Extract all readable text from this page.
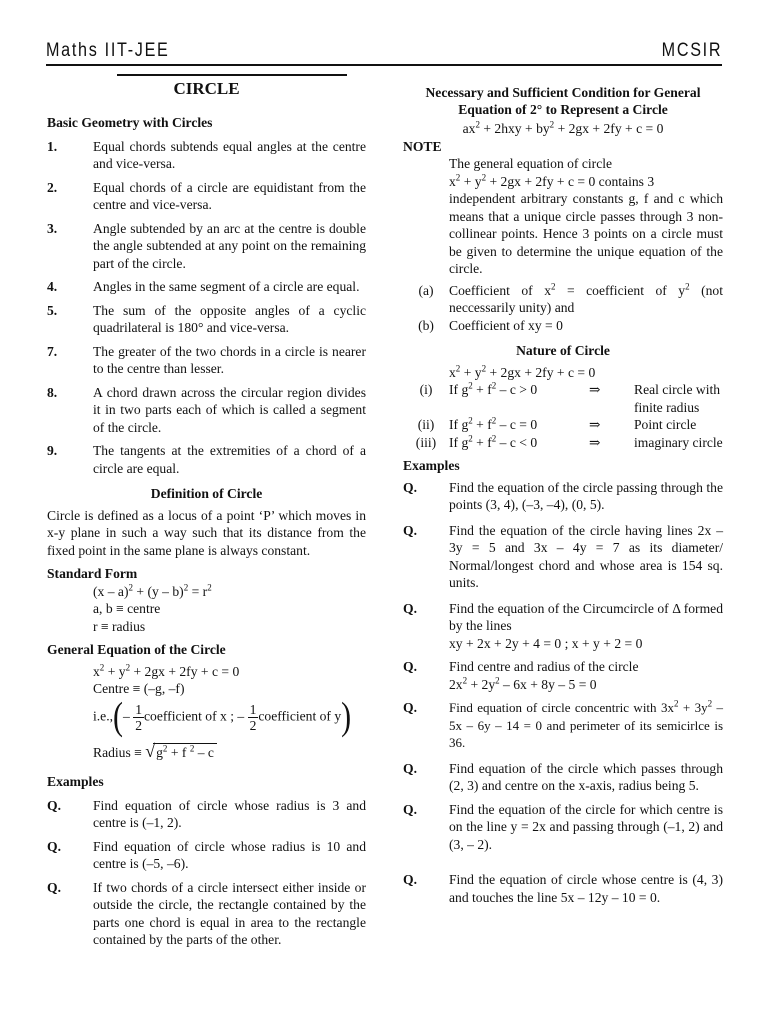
Maths IIT-JEE	MCSIR
CIRCLE
Basic Geometry with Circles
1.	Equal chords subtends equal angles at the centre and vice-versa.
2.	Equal chords of a circle are equidistant from the centre and vice-versa.
3.	Angle subtended by an arc at the centre is double the angle subtended at any point on the remaining part of the circle.
4.	Angles in the same segment of a circle are equal.
5.	The sum of the opposite angles of a cyclic quadrilateral is 180° and vice-versa.
7.	The greater of the two chords in a circle is nearer to the centre than lesser.
8.	A chord drawn across the circular region divides it in two parts each of which is called a segment of the circle.
9.	The tangents at the extremities of a chord of a circle are equal.
Definition of Circle
Circle is defined as a locus of a point ‘P’ which moves in x-y plane in such a way such that its distance from the fixed point in the same plane is always constant.
Standard Form
$(x - a)^2 + (y - b)^2 = r^2$
a, b ≡ centre
r ≡ radius
General Equation of the Circle
$x^2 + y^2 + 2gx + 2fy + c = 0$
Centre ≡ (–g, –f)
$i.e.,(- \frac{1}{2}$ coefficient of x ; – $\frac{1}{2}$ coefficient of y)
Radius ≡ $√g^2 + f$ $^2$ – c
Examples
Q.	Find equation of circle whose radius is 3 and centre is (–1, 2).
Q.	Find equation of circle whose radius is 10 and centre is (–5, –6).
Q.	If two chords of a circle intersect either inside or outside the circle, the rectangle contained by the parts one chord is equal in area to the rectangle contained by the parts of the other.
Necessary and Sufficient Condition for General
Equation of 2° to Represent a Circle
$ax^2 + 2hxy + by^2 + 2gx + 2fy + c = 0$
NOTE
The general equation of circle
$x^2 + y^2 + 2gx + 2fy + c = 0$ contains 3
independent arbitrary constants g, f and c which means that a unique circle passes through 3 non-collinear points. Hence 3 points on a circle must be given to determine the unique equation of the circle.
(a)	Coefficient of $x^2$ = coefficient of $y^2$ (not neccessarily unity) and
(b)	Coefficient of xy = 0
Nature of Circle
$x^2 + y^2 + 2gx + 2fy + c = 0$
(i)	If $g^2 + f^2 - c > 0$	⇒	Real circle with finite radius
(ii)	If $g^2 + f^2 - c = 0$	⇒	Point circle
(iii) If $g^2 + f^2 - c < 0$	⇒	imaginary circle
Examples
Q.	Find the equation of the circle passing through the points (3, 4), (–3, –4), (0, 5).
Q.	Find the equation of the circle having lines 2x – 3y = 5 and 3x – 4y = 7 as its diameter/ Normal/longest chord and whose area is 154 sq. units.
Q.	Find the equation of the Circumcircle of Δ formed by the lines
xy + 2x + 2y + 4 = 0 ; x + y + 2 = 0
Q.	Find centre and radius of the circle
$2x^2 + 2y^2 - 6x + 8y - 5 = 0$
Q.	Find equation of circle concentric with $3x^2 + 3y^2 - 5x - 6y - 14 = 0$ and perimeter of its semicirlce is 36.
Q.	Find equation of the circle which passes through (2, 3) and centre on the x-axis, radius being 5.
Q.	Find the equation of the circle for which centre is on the line y = 2x and passing through (–1, 2) and (3, – 2).
Q.	Find the equation of circle whose centre is (4, 3) and touches the line 5x – 12y – 10 = 0.
